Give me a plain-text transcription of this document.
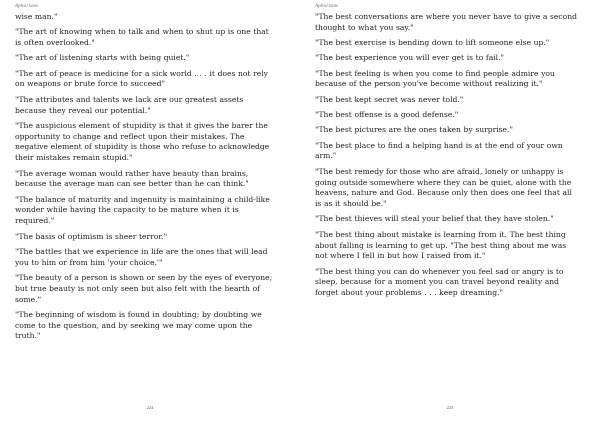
Aphorisms

wise man."

"The art of knowing when to talk and when to shut up is one that is often overlooked."

"The art of listening starts with being quiet."

"The art of peace is medicine for a sick world . . . it does not rely on weapons or brute force to succeed"

"The attributes and talents we lack are our greatest assets because they reveal our potential."

"The auspicious element of stupidity is that it gives the barer the opportunity to change and reflect upon their mistakes. The negative element of stupidity is those who refuse to acknowledge their mistakes remain stupid."

"The average woman would rather have beauty than brains, because the average man can see better than he can think."

"The balance of maturity and ingenuity is maintaining a child-like wonder while having the capacity to be mature when it is required."

"The basis of optimism is sheer terror."

"The battles that we experience in life are the ones that will lead you to him or from him 'your choice.'"

"The beauty of a person is shown or seen by the eyes of everyone; but true beauty is not only seen but also felt with the hearth of some."

"The beginning of wisdom is found in doubting; by doubting we come to the question, and by seeking we may come upon the truth."

224
Aphorisms

"The best conversations are where you never have to give a second thought to what you say."

"The best exercise is bending down to lift someone else up."

"The best experience you will ever get is to fail."

"The best feeling is when you come to find people admire you because of the person you've become without realizing it."

"The best kept secret was never told."

"The best offense is a good defense."

"The best pictures are the ones taken by surprise."

"The best place to find a helping hand is at the end of your own arm."

"The best remedy for those who are afraid, lonely or unhappy is going outside somewhere where they can be quiet, alone with the heavens, nature and God. Because only then does one feel that all is as it should be."

"The best thieves will steal your belief that they have stolen."

"The best thing about mistake is learning from it. The best thing about falling is learning to get up. "The best thing about me was not where I fell in but how I raised from it."

"The best thing you can do whenever you feel sad or angry is to sleep, because for a moment you can travel beyond reality and forget about your problems . . . keep dreaming."

225
